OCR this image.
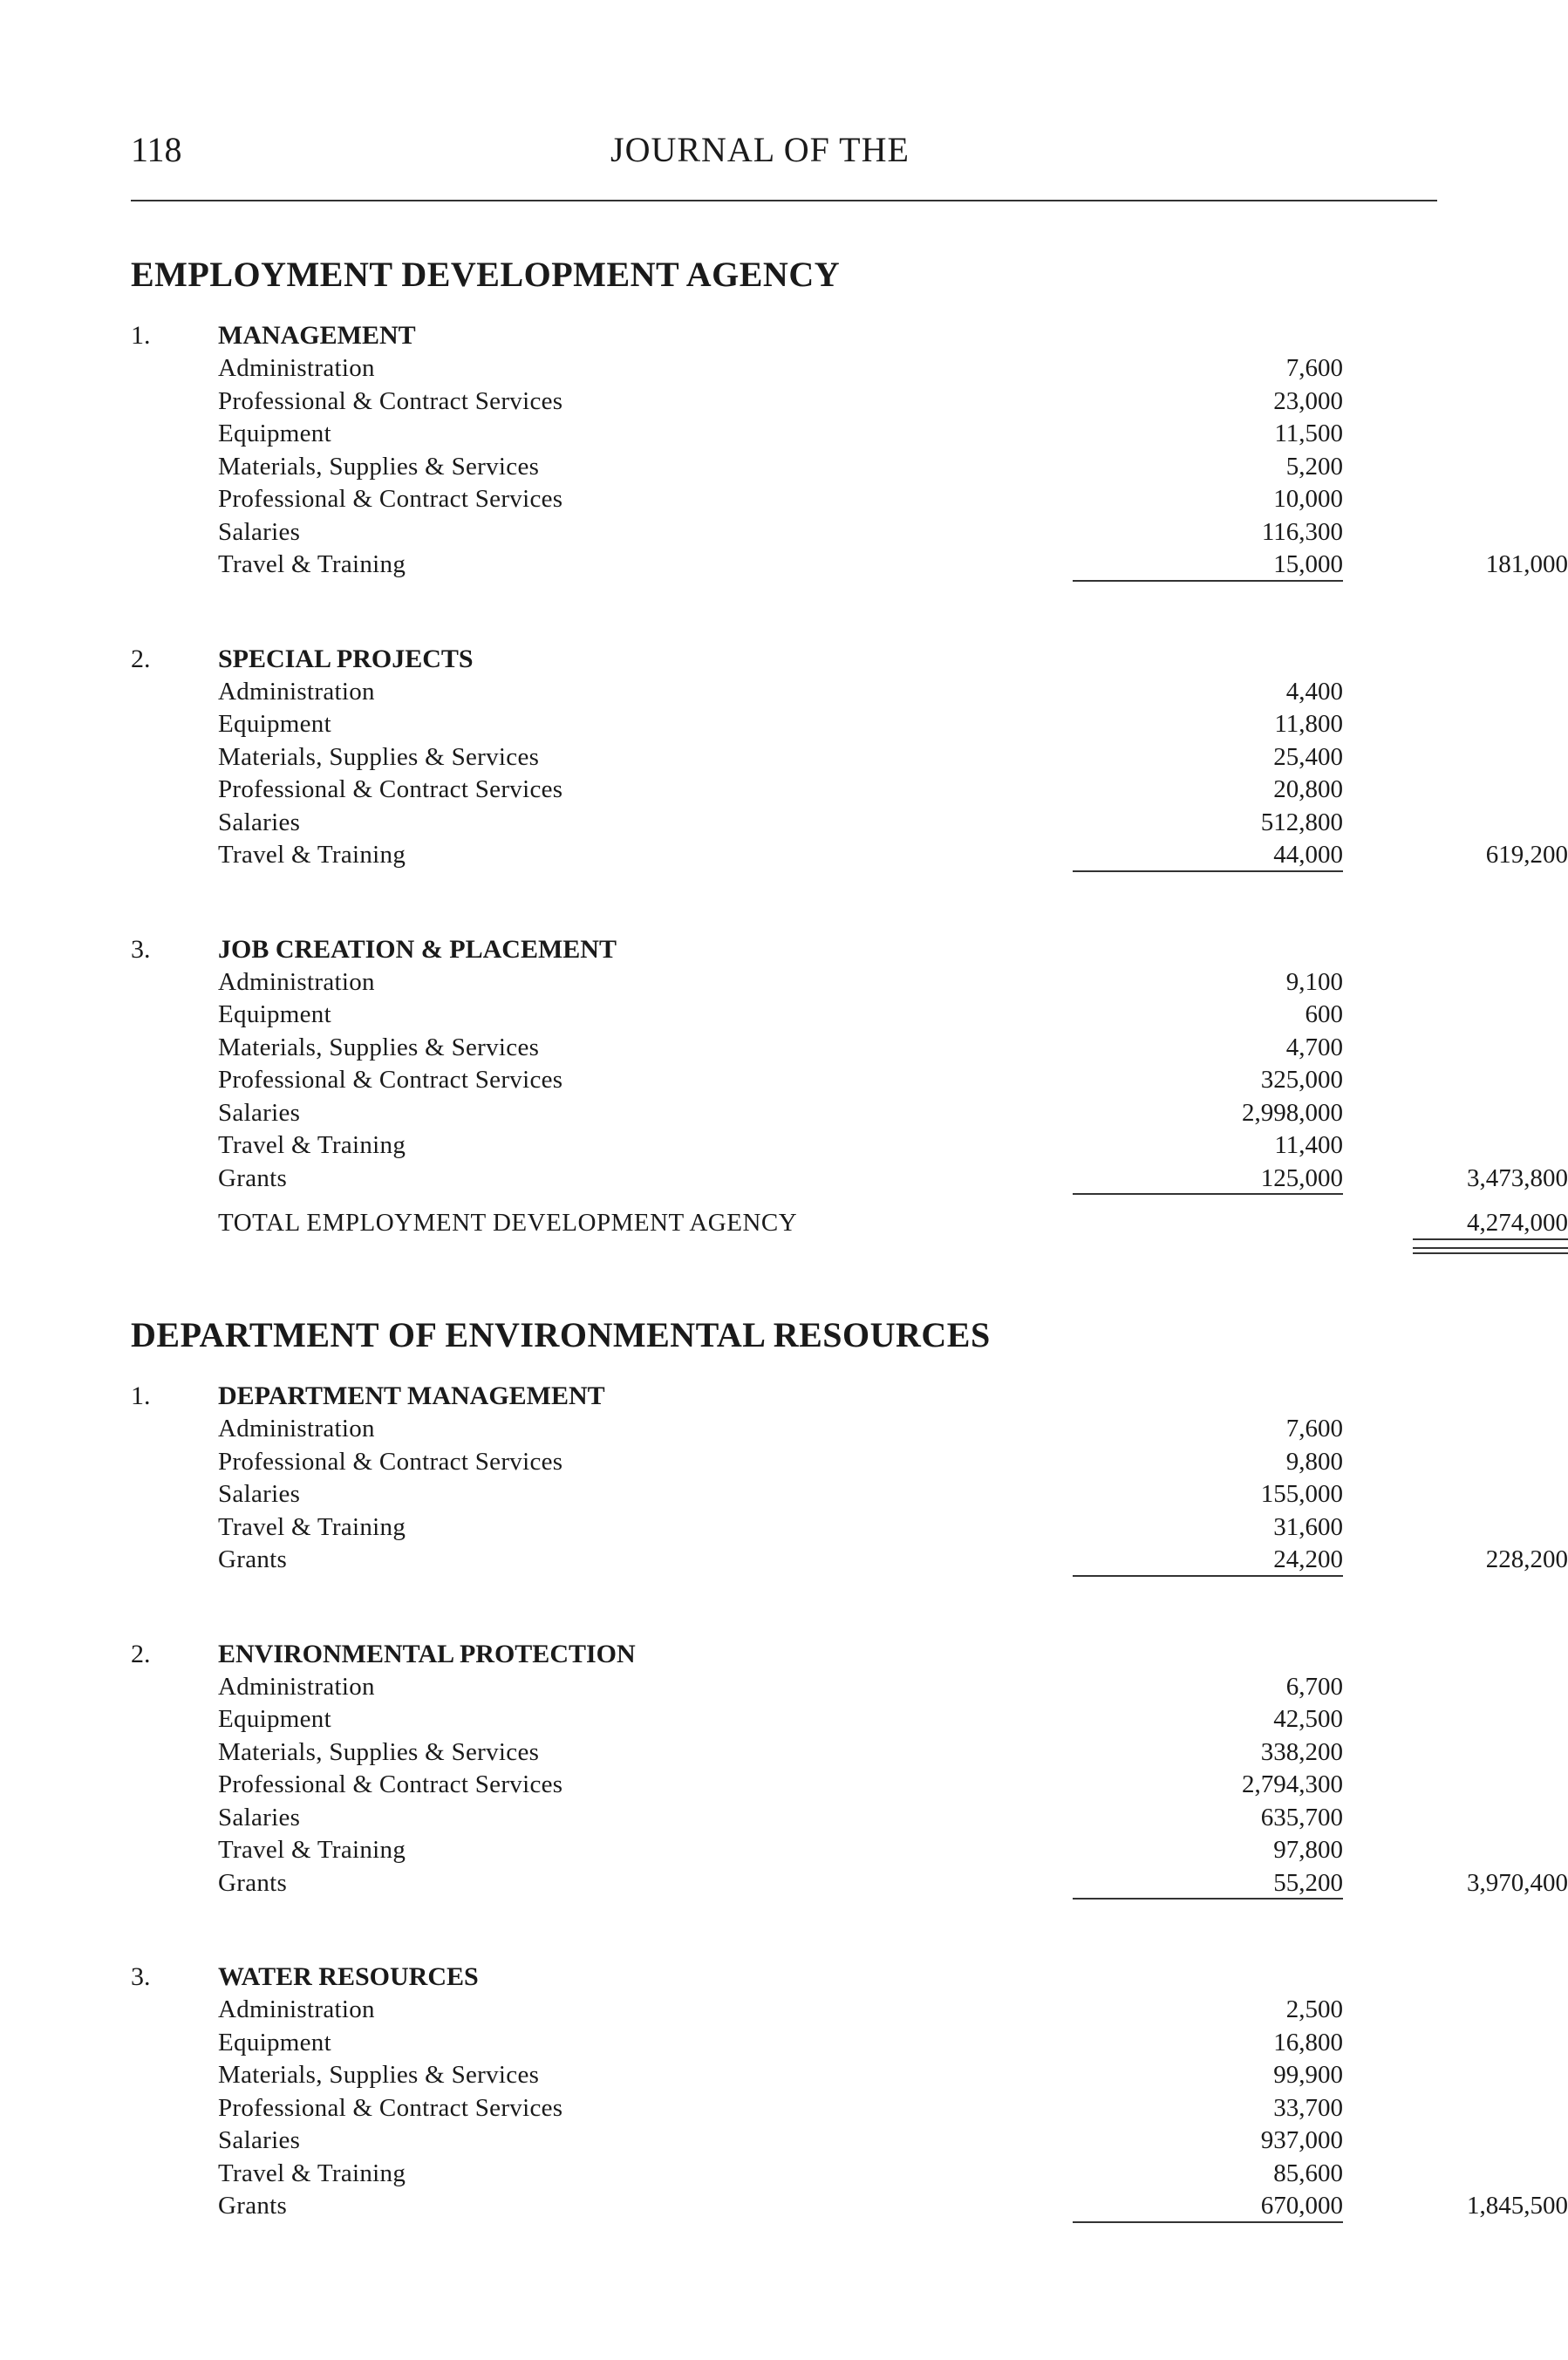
118	JOURNAL OF THE
EMPLOYMENT DEVELOPMENT AGENCY
1.	MANAGEMENT
Administration . . .	7,600
Professional & Contract Services . . .	23,000
Equipment . . .	11,500
Materials, Supplies & Services . . .	5,200
Professional & Contract Services . . .	10,000
Salaries . . .	116,300
Travel & Training . . .	15,000	181,000
2.	SPECIAL PROJECTS
Administration . . .	4,400
Equipment . . .	11,800
Materials, Supplies & Services . . .	25,400
Professional & Contract Services . . .	20,800
Salaries . . .	512,800
Travel & Training . . .	44,000	619,200
3.	JOB CREATION & PLACEMENT
Administration . . .	9,100
Equipment . . .	600
Materials, Supplies & Services . . .	4,700
Professional & Contract Services . . .	325,000
Salaries . . .	2,998,000
Travel & Training . . .	11,400
Grants . . .	125,000	3,473,800
TOTAL EMPLOYMENT DEVELOPMENT AGENCY . . .	4,274,000
DEPARTMENT OF ENVIRONMENTAL RESOURCES
1.	DEPARTMENT MANAGEMENT
Administration . . .	7,600
Professional & Contract Services . . .	9,800
Salaries . . .	155,000
Travel & Training . . .	31,600
Grants . . .	24,200	228,200
2.	ENVIRONMENTAL PROTECTION
Administration . . .	6,700
Equipment . . .	42,500
Materials, Supplies & Services . . .	338,200
Professional & Contract Services . . .	2,794,300
Salaries . . .	635,700
Travel & Training . . .	97,800
Grants . . .	55,200	3,970,400
3.	WATER RESOURCES
Administration . . .	2,500
Equipment . . .	16,800
Materials, Supplies & Services . . .	99,900
Professional & Contract Services . . .	33,700
Salaries . . .	937,000
Travel & Training . . .	85,600
Grants . . .	670,000	1,845,500
